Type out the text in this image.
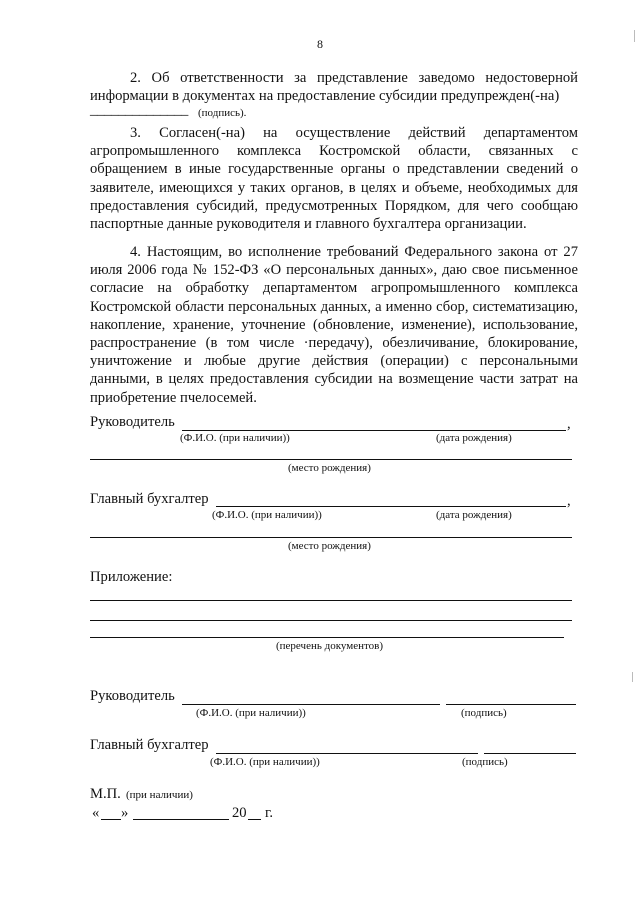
8
2. Об ответственности за представление заведомо недостоверной информации в документах на предоставление субсидии предупрежден(-на)
______________ (подпись).
3. Согласен(-на) на осуществление действий департаментом агропромышленного комплекса Костромской области, связанных с обращением в иные государственные органы о представлении сведений о заявителе, имеющихся у таких органов, в целях и объеме, необходимых для предоставления субсидий, предусмотренных Порядком, для чего сообщаю паспортные данные руководителя и главного бухгалтера организации.
4. Настоящим, во исполнение требований Федерального закона от 27 июля 2006 года № 152-ФЗ «О персональных данных», даю свое письменное согласие на обработку департаментом агропромышленного комплекса Костромской области персональных данных, а именно сбор, систематизацию, накопление, хранение, уточнение (обновление, изменение), использование, распространение (в том числе ·передачу), обезличивание, блокирование, уничтожение и любые другие действия (операции) с персональными данными, в целях предоставления субсидии на возмещение части затрат на приобретение пчелосемей.
Руководитель	,
(Ф.И.О. (при наличии))	(дата рождения)
(место рождения)
Главный бухгалтер	,
(Ф.И.О. (при наличии))	(дата рождения)
(место рождения)
Приложение:
(перечень документов)
Руководитель
(Ф.И.О. (при наличии))	(подпись)
Главный бухгалтер
(Ф.И.О. (при наличии))	(подпись)
М.П. (при наличии)
« »	20 г.
